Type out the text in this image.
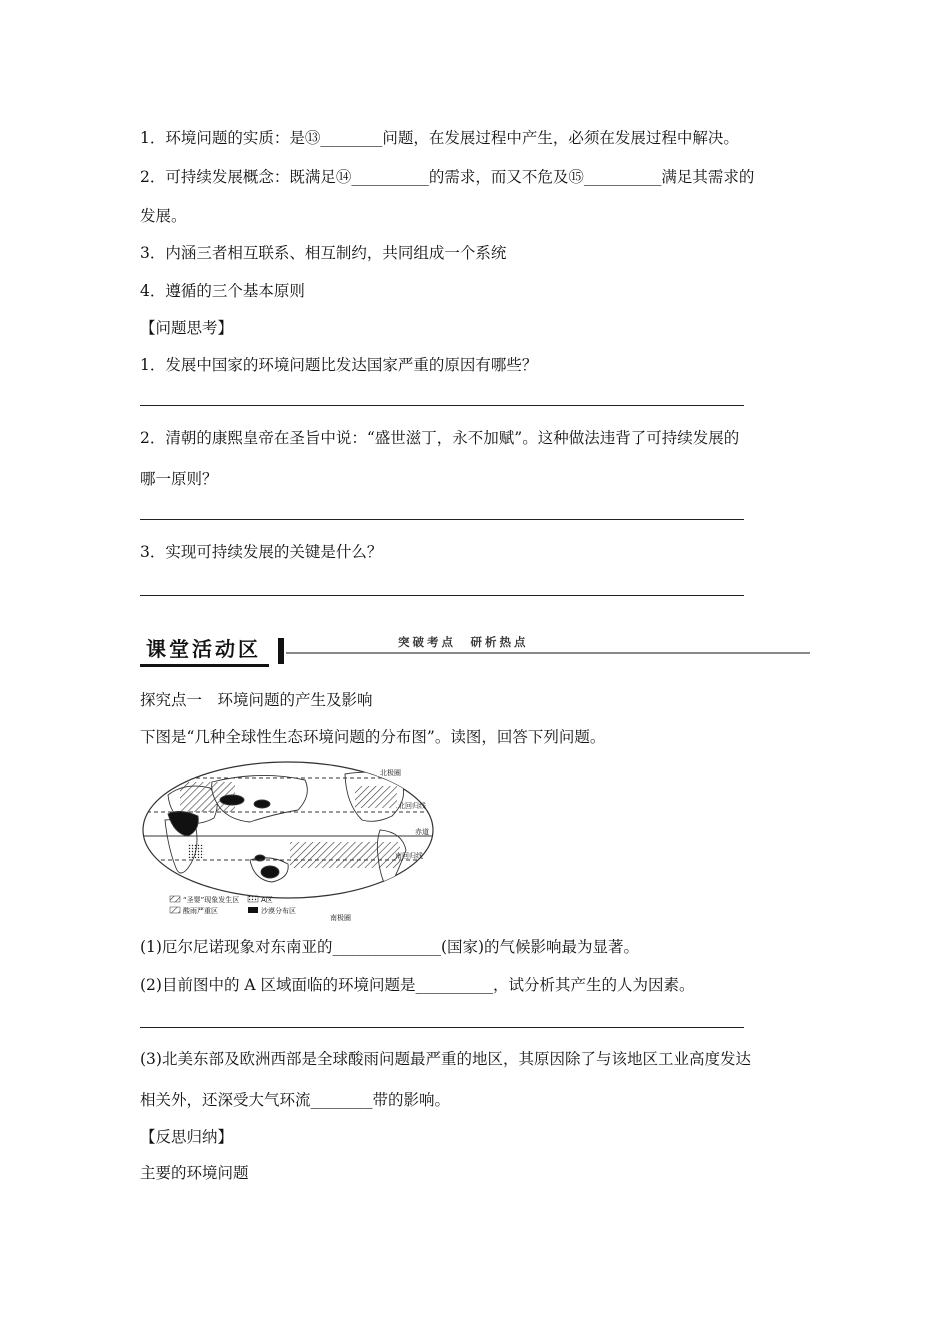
1．环境问题的实质：是⑬________问题，在发展过程中产生，必须在发展过程中解决。
2．可持续发展概念：既满足⑭__________的需求，而又不危及⑮__________满足其需求的
发展。
3．内涵三者相互联系、相互制约，共同组成一个系统
4．遵循的三个基本原则
【问题思考】
1．发展中国家的环境问题比发达国家严重的原因有哪些？
2．清朝的康熙皇帝在圣旨中说：“盛世滋丁，永不加赋”。这种做法违背了可持续发展的
哪一原则？
3．实现可持续发展的关键是什么？
课堂活动区	突破考点　研析热点
探究点一　环境问题的产生及影响
下图是“几种全球性生态环境问题的分布图”。读图，回答下列问题。
北极圈
北回归线
赤道
南回归线
南极圈
“圣婴”现象发生区	A区
酸雨严重区	沙漠分布区
(1)厄尔尼诺现象对东南亚的______________(国家)的气候影响最为显著。
(2)目前图中的 A 区域面临的环境问题是__________，试分析其产生的人为因素。
(3)北美东部及欧洲西部是全球酸雨问题最严重的地区，其原因除了与该地区工业高度发达
相关外，还深受大气环流________带的影响。
【反思归纳】
主要的环境问题
